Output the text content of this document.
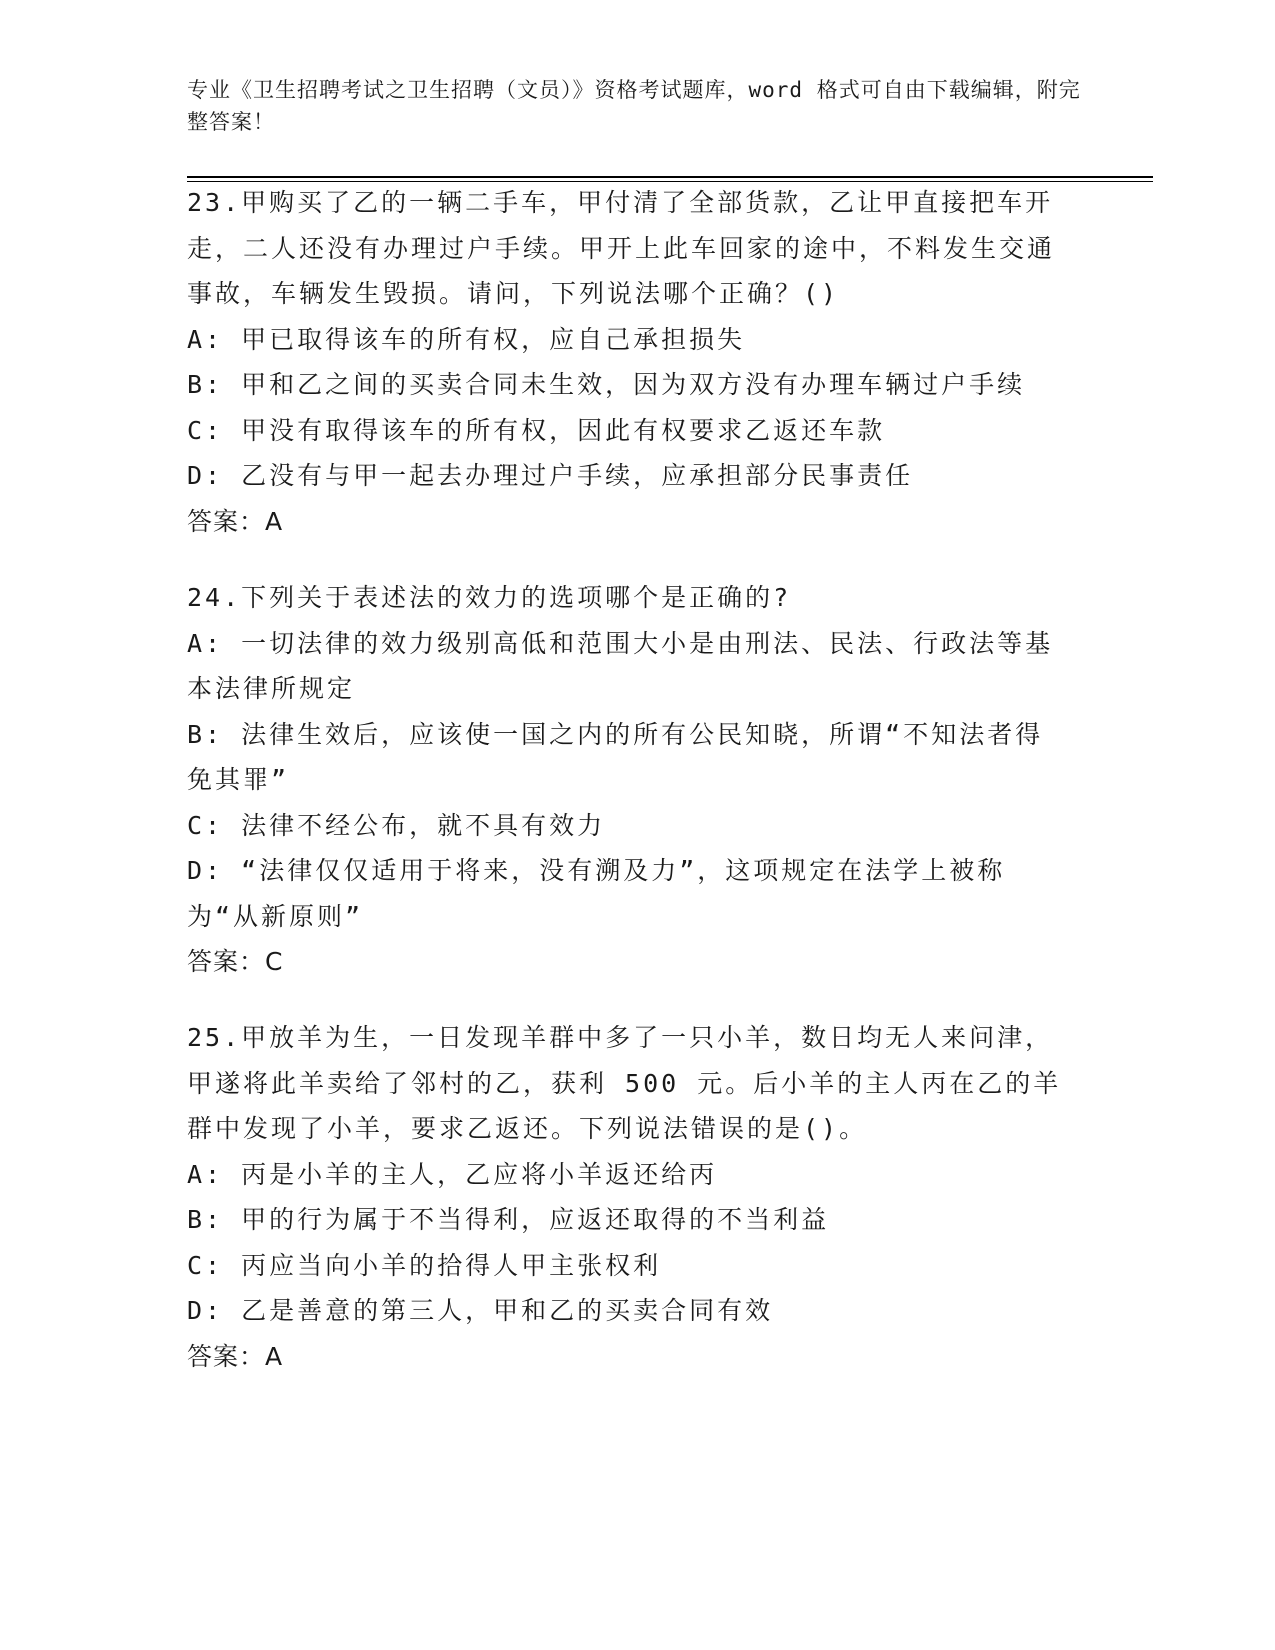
专业《卫生招聘考试之卫生招聘（文员）》资格考试题库，word 格式可自由下载编辑，附完整答案！
23.甲购买了乙的一辆二手车，甲付清了全部货款，乙让甲直接把车开走，二人还没有办理过户手续。甲开上此车回家的途中，不料发生交通事故，车辆发生毁损。请问，下列说法哪个正确？()
A: 甲已取得该车的所有权，应自己承担损失
B: 甲和乙之间的买卖合同未生效，因为双方没有办理车辆过户手续
C: 甲没有取得该车的所有权，因此有权要求乙返还车款
D: 乙没有与甲一起去办理过户手续，应承担部分民事责任
答案：A
24.下列关于表述法的效力的选项哪个是正确的?
A: 一切法律的效力级别高低和范围大小是由刑法、民法、行政法等基本法律所规定
B: 法律生效后，应该使一国之内的所有公民知晓，所谓“不知法者得免其罪”
C: 法律不经公布，就不具有效力
D: “法律仅仅适用于将来，没有溯及力”，这项规定在法学上被称为“从新原则”
答案：C
25.甲放羊为生，一日发现羊群中多了一只小羊，数日均无人来问津，甲遂将此羊卖给了邻村的乙，获利 500 元。后小羊的主人丙在乙的羊群中发现了小羊，要求乙返还。下列说法错误的是()。
A: 丙是小羊的主人，乙应将小羊返还给丙
B: 甲的行为属于不当得利，应返还取得的不当利益
C: 丙应当向小羊的拾得人甲主张权利
D: 乙是善意的第三人，甲和乙的买卖合同有效
答案：A
